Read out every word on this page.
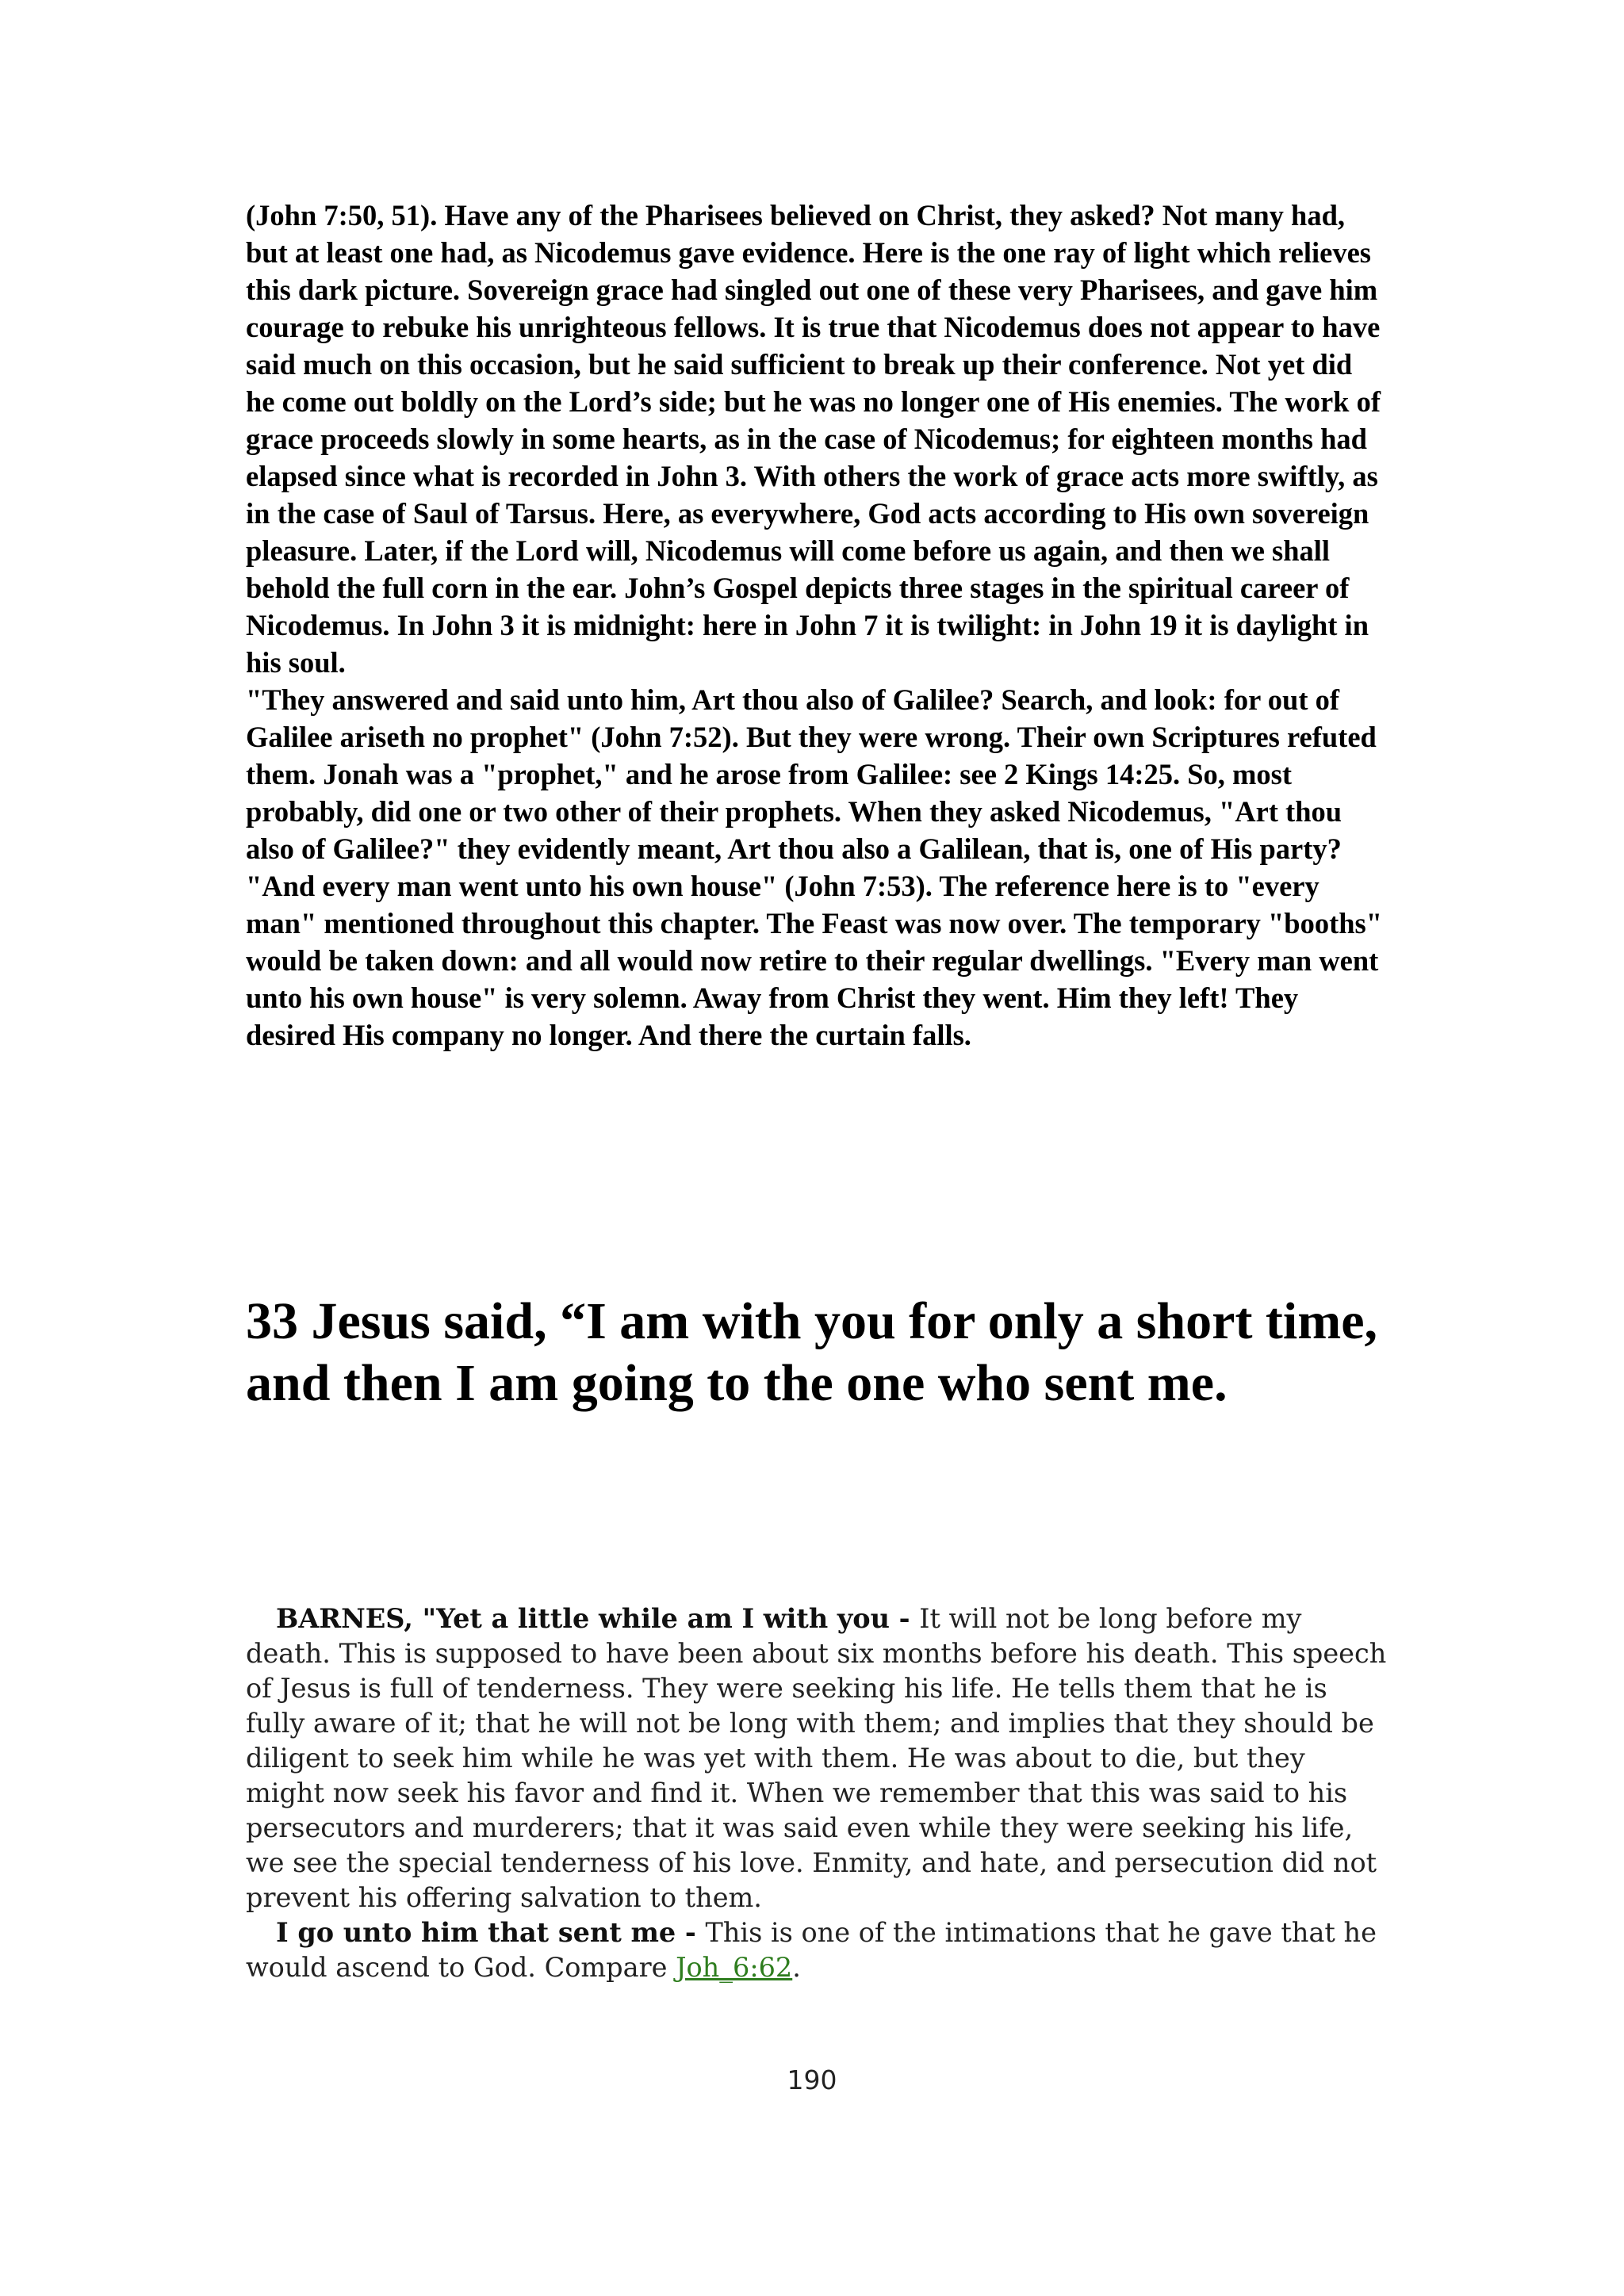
(John 7:50, 51). Have any of the Pharisees believed on Christ, they asked? Not many had, but at least one had, as Nicodemus gave evidence. Here is the one ray of light which relieves this dark picture. Sovereign grace had singled out one of these very Pharisees, and gave him courage to rebuke his unrighteous fellows. It is true that Nicodemus does not appear to have said much on this occasion, but he said sufficient to break up their conference. Not yet did he come out boldly on the Lord’s side; but he was no longer one of His enemies. The work of grace proceeds slowly in some hearts, as in the case of Nicodemus; for eighteen months had elapsed since what is recorded in John 3. With others the work of grace acts more swiftly, as in the case of Saul of Tarsus. Here, as everywhere, God acts according to His own sovereign pleasure. Later, if the Lord will, Nicodemus will come before us again, and then we shall behold the full corn in the ear. John’s Gospel depicts three stages in the spiritual career of Nicodemus. In John 3 it is midnight: here in John 7 it is twilight: in John 19 it is daylight in his soul.

"They answered and said unto him, Art thou also of Galilee? Search, and look: for out of Galilee ariseth no prophet" (John 7:52). But they were wrong. Their own Scriptures refuted them. Jonah was a "prophet," and he arose from Galilee: see 2 Kings 14:25. So, most probably, did one or two other of their prophets. When they asked Nicodemus, "Art thou also of Galilee?" they evidently meant, Art thou also a Galilean, that is, one of His party?

"And every man went unto his own house" (John 7:53). The reference here is to "every man" mentioned throughout this chapter. The Feast was now over. The temporary "booths" would be taken down: and all would now retire to their regular dwellings. "Every man went unto his own house" is very solemn. Away from Christ they went. Him they left! They desired His company no longer. And there the curtain falls.

33 Jesus said, “I am with you for only a short time, and then I am going to the one who sent me.

BARNES, "Yet a little while am I with you - It will not be long before my death. This is supposed to have been about six months before his death. This speech of Jesus is full of tenderness. They were seeking his life. He tells them that he is fully aware of it; that he will not be long with them; and implies that they should be diligent to seek him while he was yet with them. He was about to die, but they might now seek his favor and find it. When we remember that this was said to his persecutors and murderers; that it was said even while they were seeking his life, we see the special tenderness of his love. Enmity, and hate, and persecution did not prevent his offering salvation to them.

I go unto him that sent me - This is one of the intimations that he gave that he would ascend to God. Compare Joh_6:62.

190
